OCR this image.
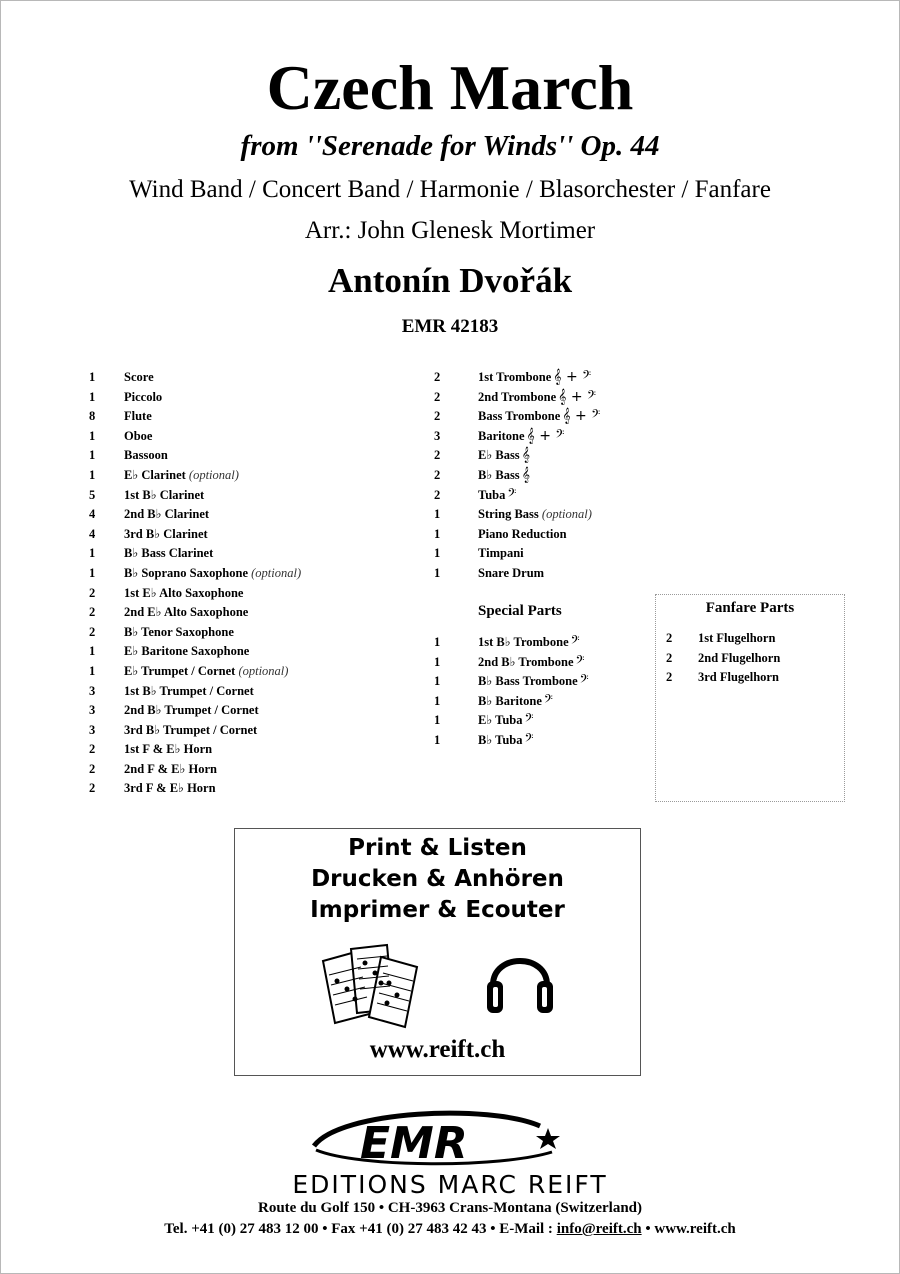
Czech March
from ''Serenade for Winds'' Op. 44
Wind Band / Concert Band / Harmonie / Blasorchester / Fanfare
Arr.: John Glenesk Mortimer
Antonín Dvořák
EMR 42183
1	Score
1	Piccolo
8	Flute
1	Oboe
1	Bassoon
1	E♭ Clarinet (optional)
5	1st B♭ Clarinet
4	2nd B♭ Clarinet
4	3rd B♭ Clarinet
1	B♭ Bass Clarinet
1	B♭ Soprano Saxophone (optional)
2	1st E♭ Alto Saxophone
2	2nd E♭ Alto Saxophone
2	B♭ Tenor Saxophone
1	E♭ Baritone Saxophone
1	E♭ Trumpet / Cornet (optional)
3	1st B♭ Trumpet / Cornet
3	2nd B♭ Trumpet / Cornet
3	3rd B♭ Trumpet / Cornet
2	1st F & E♭ Horn
2	2nd F & E♭ Horn
2	3rd F & E♭ Horn
2	1st Trombone 𝄞 + 𝄢
2	2nd Trombone 𝄞 + 𝄢
2	Bass Trombone 𝄞 + 𝄢
3	Baritone 𝄞 + 𝄢
2	E♭ Bass 𝄞
2	B♭ Bass 𝄞
2	Tuba 𝄢
1	String Bass (optional)
1	Piano Reduction
1	Timpani
1	Snare Drum
Special Parts
1	1st B♭ Trombone 𝄢
1	2nd B♭ Trombone 𝄢
1	B♭ Bass Trombone 𝄢
1	B♭ Baritone 𝄢
1	E♭ Tuba 𝄢
1	B♭ Tuba 𝄢
Fanfare Parts
2	1st Flugelhorn
2	2nd Flugelhorn
2	3rd Flugelhorn
Print & Listen
Drucken & Anhören
Imprimer & Ecouter
www.reift.ch
EMR
EDITIONS MARC REIFT
Route du Golf 150 • CH-3963 Crans-Montana (Switzerland)
Tel. +41 (0) 27 483 12 00 • Fax +41 (0) 27 483 42 43 • E-Mail : info@reift.ch • www.reift.ch
